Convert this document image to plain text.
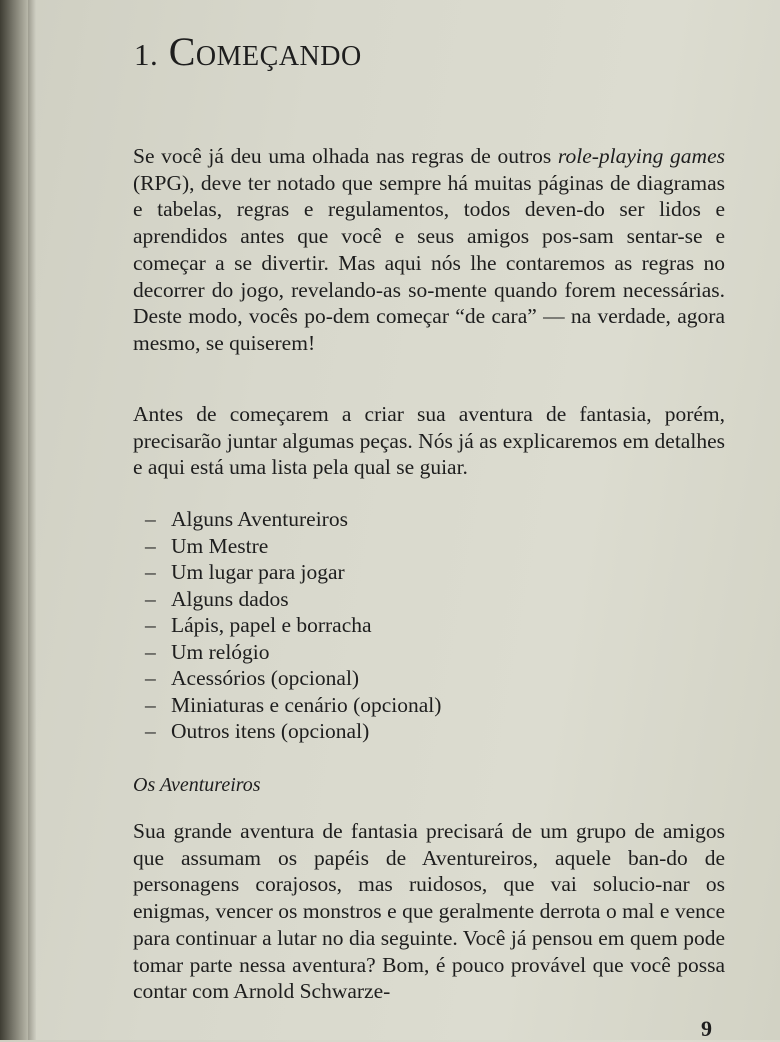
1. Começando

Se você já deu uma olhada nas regras de outros role-playing games (RPG), deve ter notado que sempre há muitas páginas de diagramas e tabelas, regras e regulamentos, todos deven-do ser lidos e aprendidos antes que você e seus amigos pos-sam sentar-se e começar a se divertir. Mas aqui nós lhe contaremos as regras no decorrer do jogo, revelando-as so-mente quando forem necessárias. Deste modo, vocês po-dem começar “de cara” — na verdade, agora mesmo, se quiserem!

Antes de começarem a criar sua aventura de fantasia, porém, precisarão juntar algumas peças. Nós já as explicaremos em detalhes e aqui está uma lista pela qual se guiar.

– Alguns Aventureiros
– Um Mestre
– Um lugar para jogar
– Alguns dados
– Lápis, papel e borracha
– Um relógio
– Acessórios (opcional)
– Miniaturas e cenário (opcional)
– Outros itens (opcional)
Os Aventureiros

Sua grande aventura de fantasia precisará de um grupo de amigos que assumam os papéis de Aventureiros, aquele ban-do de personagens corajosos, mas ruidosos, que vai solucio-nar os enigmas, vencer os monstros e que geralmente derrota o mal e vence para continuar a lutar no dia seguinte. Você já pensou em quem pode tomar parte nessa aventura? Bom, é pouco provável que você possa contar com Arnold Schwarze-

9
